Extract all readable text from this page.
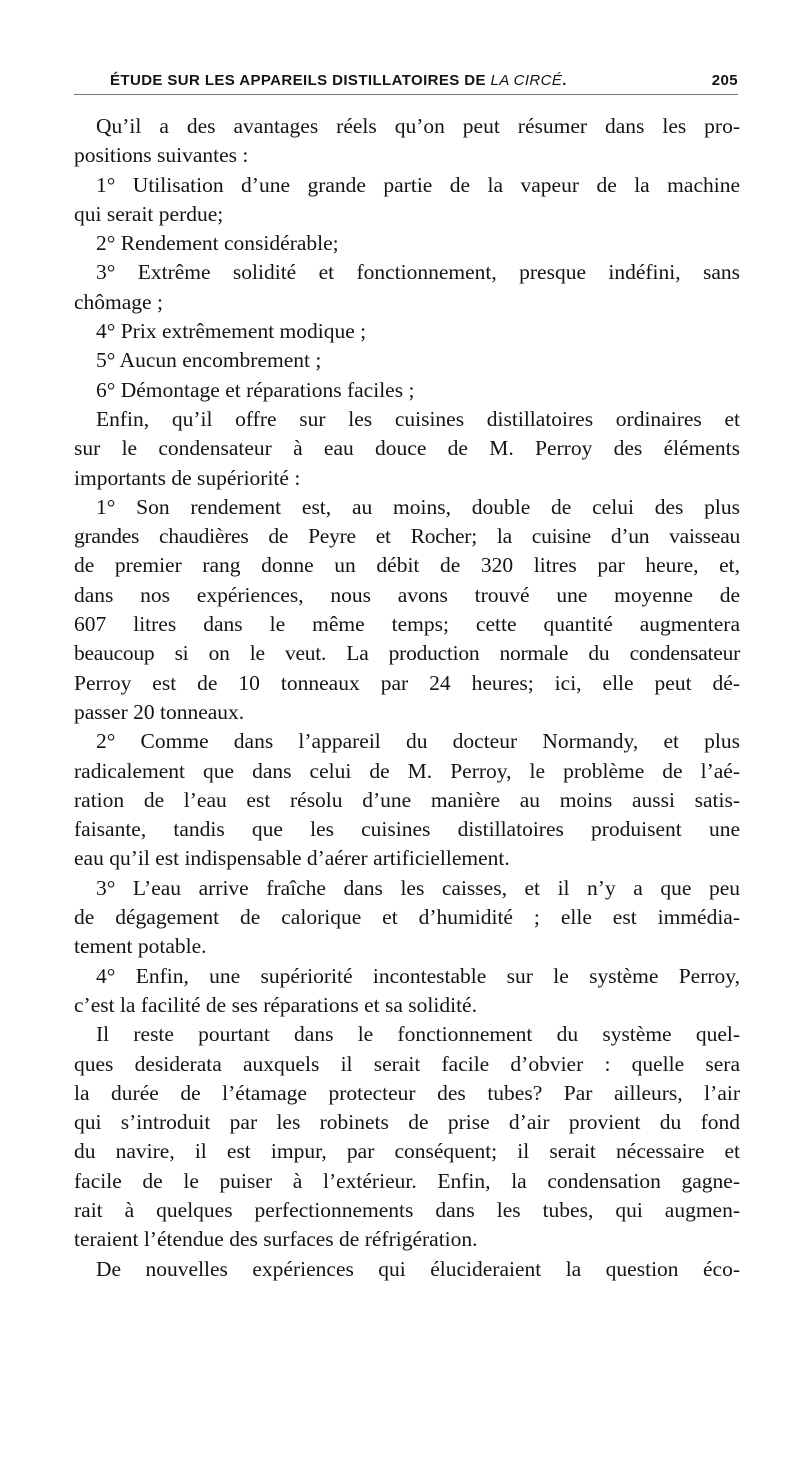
ÉTUDE SUR LES APPAREILS DISTILLATOIRES DE LA CIRCÉ.	205
Qu’il a des avantages réels qu’on peut résumer dans les pro-
positions suivantes :
1° Utilisation d’une grande partie de la vapeur de la machine
qui serait perdue;
2° Rendement considérable;
3° Extrême solidité et fonctionnement, presque indéfini, sans
chômage ;
4° Prix extrêmement modique ;
5° Aucun encombrement ;
6° Démontage et réparations faciles ;
Enfin, qu’il offre sur les cuisines distillatoires ordinaires et
sur le condensateur à eau douce de M. Perroy des éléments
importants de supériorité :
1° Son rendement est, au moins, double de celui des plus
grandes chaudières de Peyre et Rocher; la cuisine d’un vaisseau
de premier rang donne un débit de 320 litres par heure, et,
dans nos expériences, nous avons trouvé une moyenne de
607 litres dans le même temps; cette quantité augmentera
beaucoup si on le veut. La production normale du condensateur
Perroy est de 10 tonneaux par 24 heures; ici, elle peut dé-
passer 20 tonneaux.
2° Comme dans l’appareil du docteur Normandy, et plus
radicalement que dans celui de M. Perroy, le problème de l’aé-
ration de l’eau est résolu d’une manière au moins aussi satis-
faisante, tandis que les cuisines distillatoires produisent une
eau qu’il est indispensable d’aérer artificiellement.
3° L’eau arrive fraîche dans les caisses, et il n’y a que peu
de dégagement de calorique et d’humidité ; elle est immédia-
tement potable.
4° Enfin, une supériorité incontestable sur le système Perroy,
c’est la facilité de ses réparations et sa solidité.
Il reste pourtant dans le fonctionnement du système quel-
ques desiderata auxquels il serait facile d’obvier : quelle sera
la durée de l’étamage protecteur des tubes? Par ailleurs, l’air
qui s’introduit par les robinets de prise d’air provient du fond
du navire, il est impur, par conséquent; il serait nécessaire et
facile de le puiser à l’extérieur. Enfin, la condensation gagne-
rait à quelques perfectionnements dans les tubes, qui augmen-
teraient l’étendue des surfaces de réfrigération.
De nouvelles expériences qui élucideraient la question éco-
